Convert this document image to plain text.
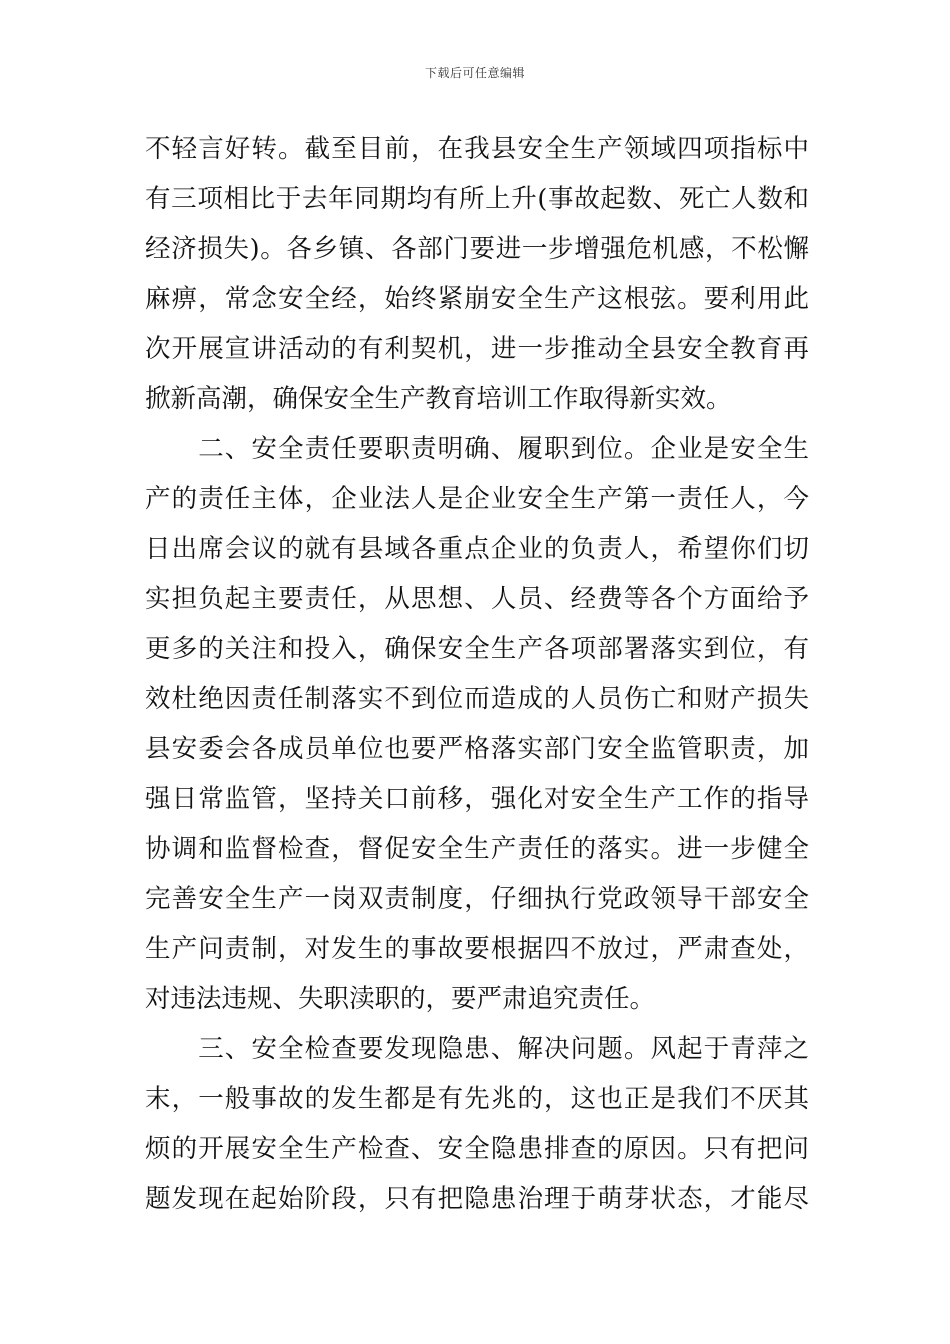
下载后可任意编辑
不轻言好转。截至目前，在我县安全生产领域四项指标中
有三项相比于去年同期均有所上升(事故起数、死亡人数和
经济损失)。各乡镇、各部门要进一步增强危机感，不松懈
麻痹，常念安全经，始终紧崩安全生产这根弦。要利用此
次开展宣讲活动的有利契机，进一步推动全县安全教育再
掀新高潮，确保安全生产教育培训工作取得新实效。
　　二、安全责任要职责明确、履职到位。企业是安全生
产的责任主体，企业法人是企业安全生产第一责任人，今
日出席会议的就有县域各重点企业的负责人，希望你们切
实担负起主要责任，从思想、人员、经费等各个方面给予
更多的关注和投入，确保安全生产各项部署落实到位，有
效杜绝因责任制落实不到位而造成的人员伤亡和财产损失
县安委会各成员单位也要严格落实部门安全监管职责，加
强日常监管，坚持关口前移，强化对安全生产工作的指导
协调和监督检查，督促安全生产责任的落实。进一步健全
完善安全生产一岗双责制度，仔细执行党政领导干部安全
生产问责制，对发生的事故要根据四不放过，严肃查处，
对违法违规、失职渎职的，要严肃追究责任。
　　三、安全检查要发现隐患、解决问题。风起于青萍之
末，一般事故的发生都是有先兆的，这也正是我们不厌其
烦的开展安全生产检查、安全隐患排查的原因。只有把问
题发现在起始阶段，只有把隐患治理于萌芽状态，才能尽
